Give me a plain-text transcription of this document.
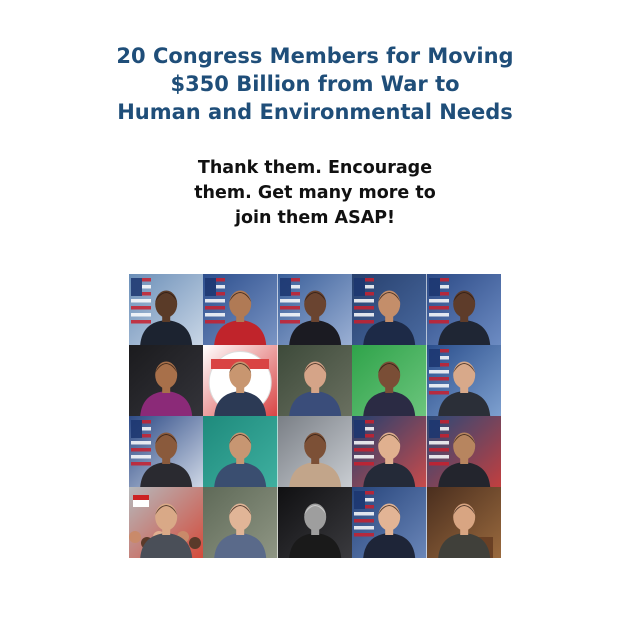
20 Congress Members for Moving
$350 Billion from War to
Human and Environmental Needs
Thank them. Encourage
them. Get many more to
join them ASAP!
